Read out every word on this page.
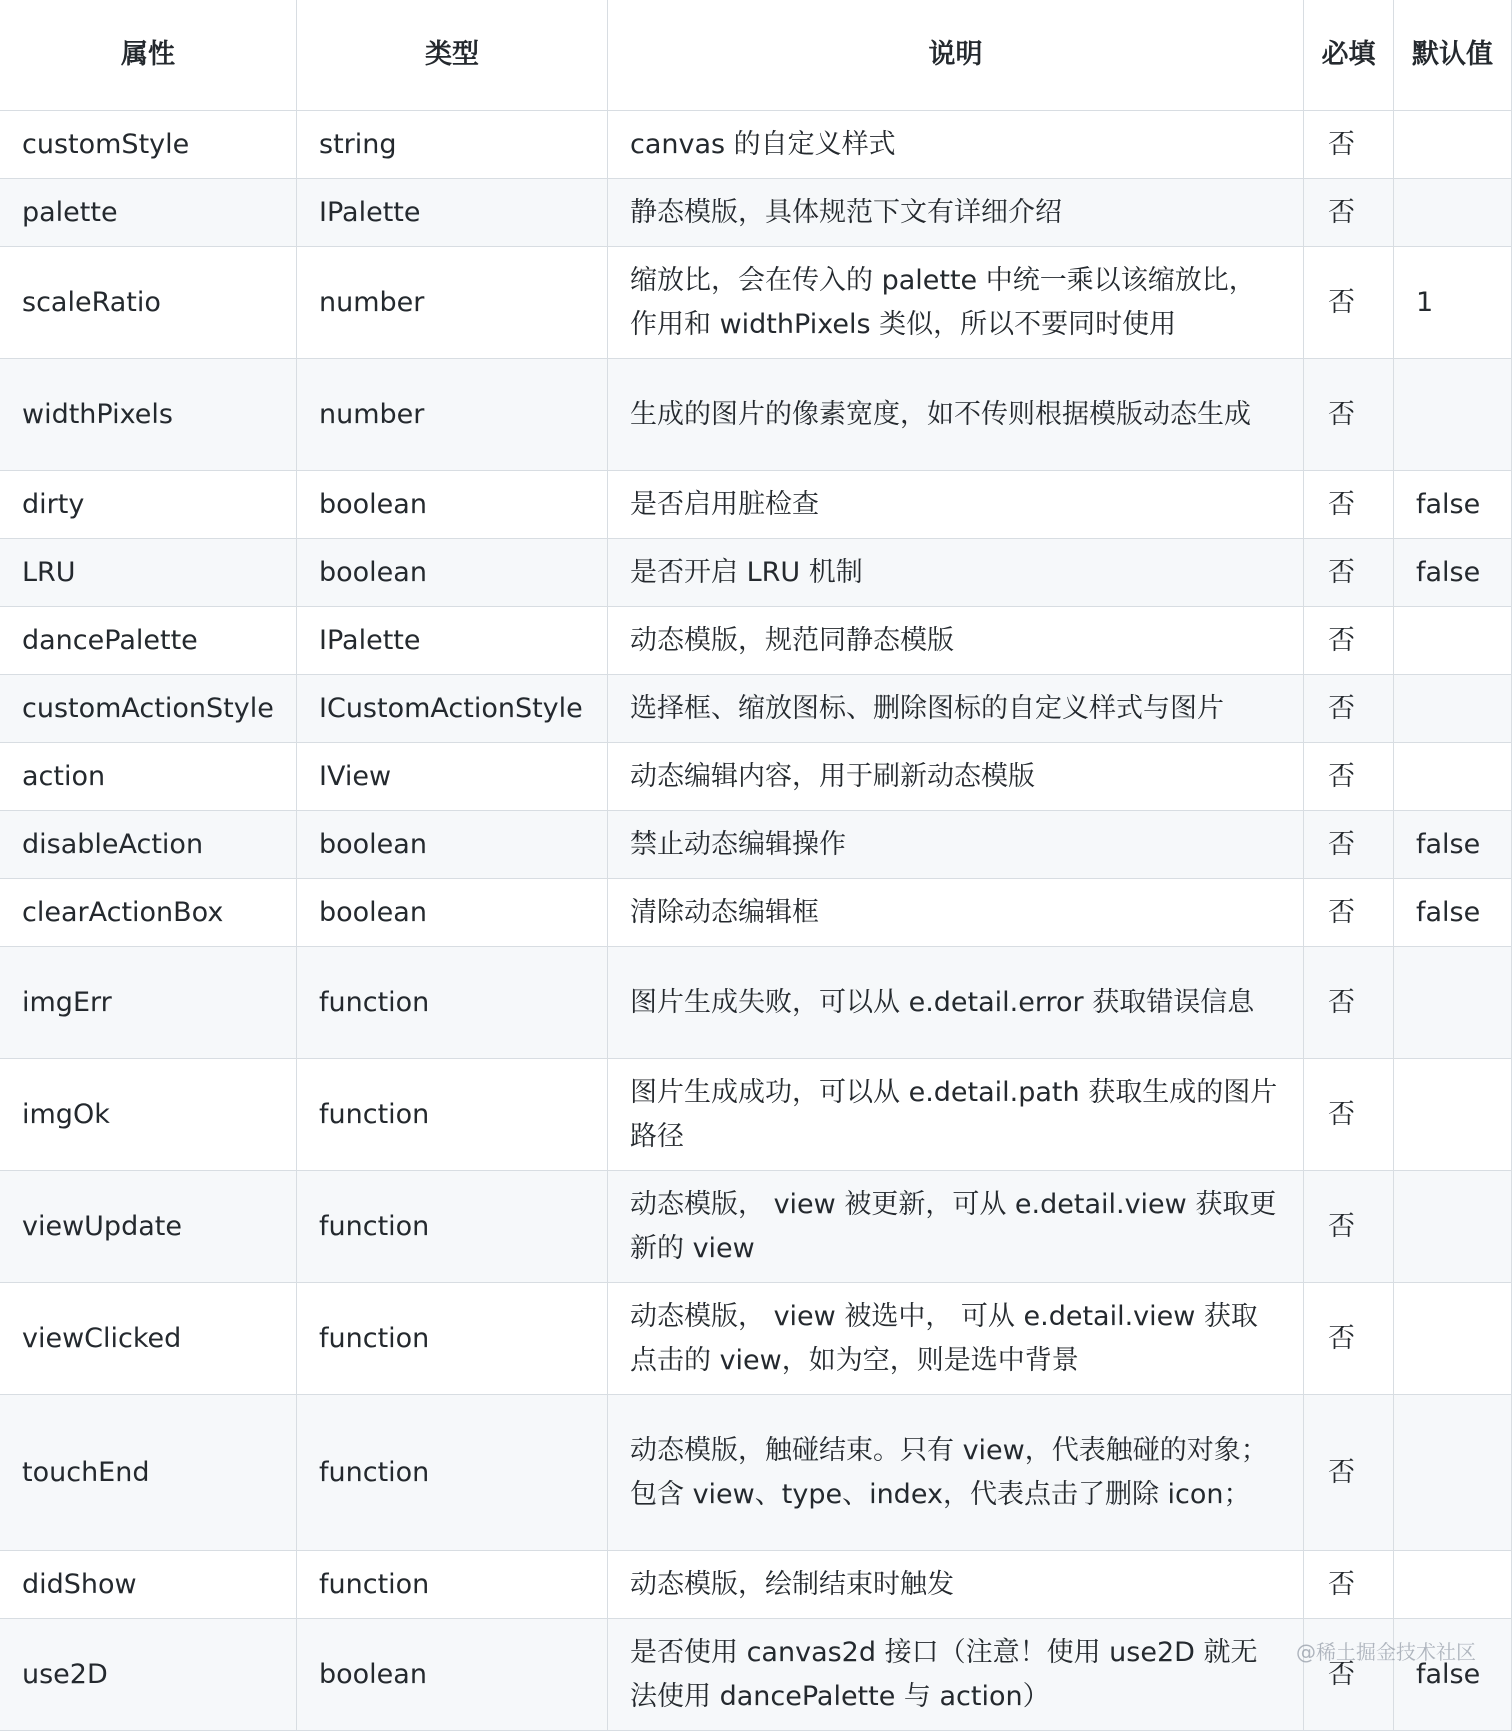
属性	类型	说明	必填	默认值
customStyle	string	canvas 的自定义样式	否	
palette	IPalette	静态模版，具体规范下文有详细介绍	否	
scaleRatio	number	缩放比，会在传入的 palette 中统一乘以该缩放比，作用和 widthPixels 类似，所以不要同时使用	否	1
widthPixels	number	生成的图片的像素宽度，如不传则根据模版动态生成	否	
dirty	boolean	是否启用脏检查	否	false
LRU	boolean	是否开启 LRU 机制	否	false
dancePalette	IPalette	动态模版，规范同静态模版	否	
customActionStyle	ICustomActionStyle	选择框、缩放图标、删除图标的自定义样式与图片	否	
action	IView	动态编辑内容，用于刷新动态模版	否	
disableAction	boolean	禁止动态编辑操作	否	false
clearActionBox	boolean	清除动态编辑框	否	false
imgErr	function	图片生成失败，可以从 e.detail.error 获取错误信息	否	
imgOk	function	图片生成成功，可以从 e.detail.path 获取生成的图片路径	否	
viewUpdate	function	动态模版， view 被更新，可从 e.detail.view 获取更新的 view	否	
viewClicked	function	动态模版， view 被选中， 可从 e.detail.view 获取点击的 view，如为空，则是选中背景	否	
touchEnd	function	动态模版，触碰结束。只有 view，代表触碰的对象；包含 view、type、index，代表点击了删除 icon；	否	
didShow	function	动态模版，绘制结束时触发	否	
use2D	boolean	是否使用 canvas2d 接口（注意！使用 use2D 就无法使用 dancePalette 与 action）	否	false
@稀土掘金技术社区
